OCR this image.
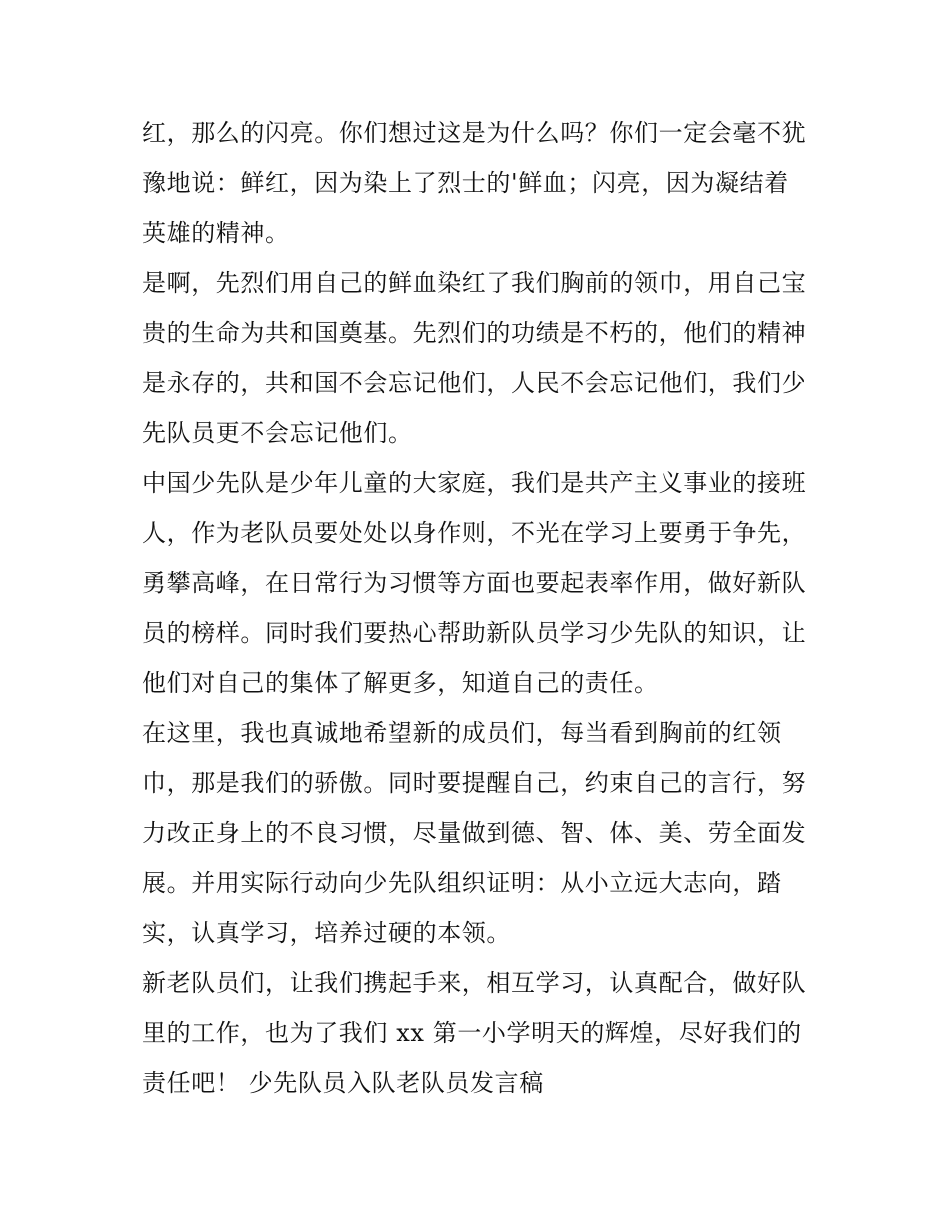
红，那么的闪亮。你们想过这是为什么吗？你们一定会毫不犹
豫地说：鲜红，因为染上了烈士的'鲜血；闪亮，因为凝结着
英雄的精神。
是啊，先烈们用自己的鲜血染红了我们胸前的领巾，用自己宝
贵的生命为共和国奠基。先烈们的功绩是不朽的，他们的精神
是永存的，共和国不会忘记他们，人民不会忘记他们，我们少
先队员更不会忘记他们。
中国少先队是少年儿童的大家庭，我们是共产主义事业的接班
人，作为老队员要处处以身作则，不光在学习上要勇于争先，
勇攀高峰，在日常行为习惯等方面也要起表率作用，做好新队
员的榜样。同时我们要热心帮助新队员学习少先队的知识，让
他们对自己的集体了解更多，知道自己的责任。
在这里，我也真诚地希望新的成员们，每当看到胸前的红领
巾，那是我们的骄傲。同时要提醒自己，约束自己的言行，努
力改正身上的不良习惯，尽量做到德、智、体、美、劳全面发
展。并用实际行动向少先队组织证明：从小立远大志向，踏
实，认真学习，培养过硬的本领。
新老队员们，让我们携起手来，相互学习，认真配合，做好队
里的工作，也为了我们 xx 第一小学明天的辉煌，尽好我们的
责任吧！ 少先队员入队老队员发言稿
